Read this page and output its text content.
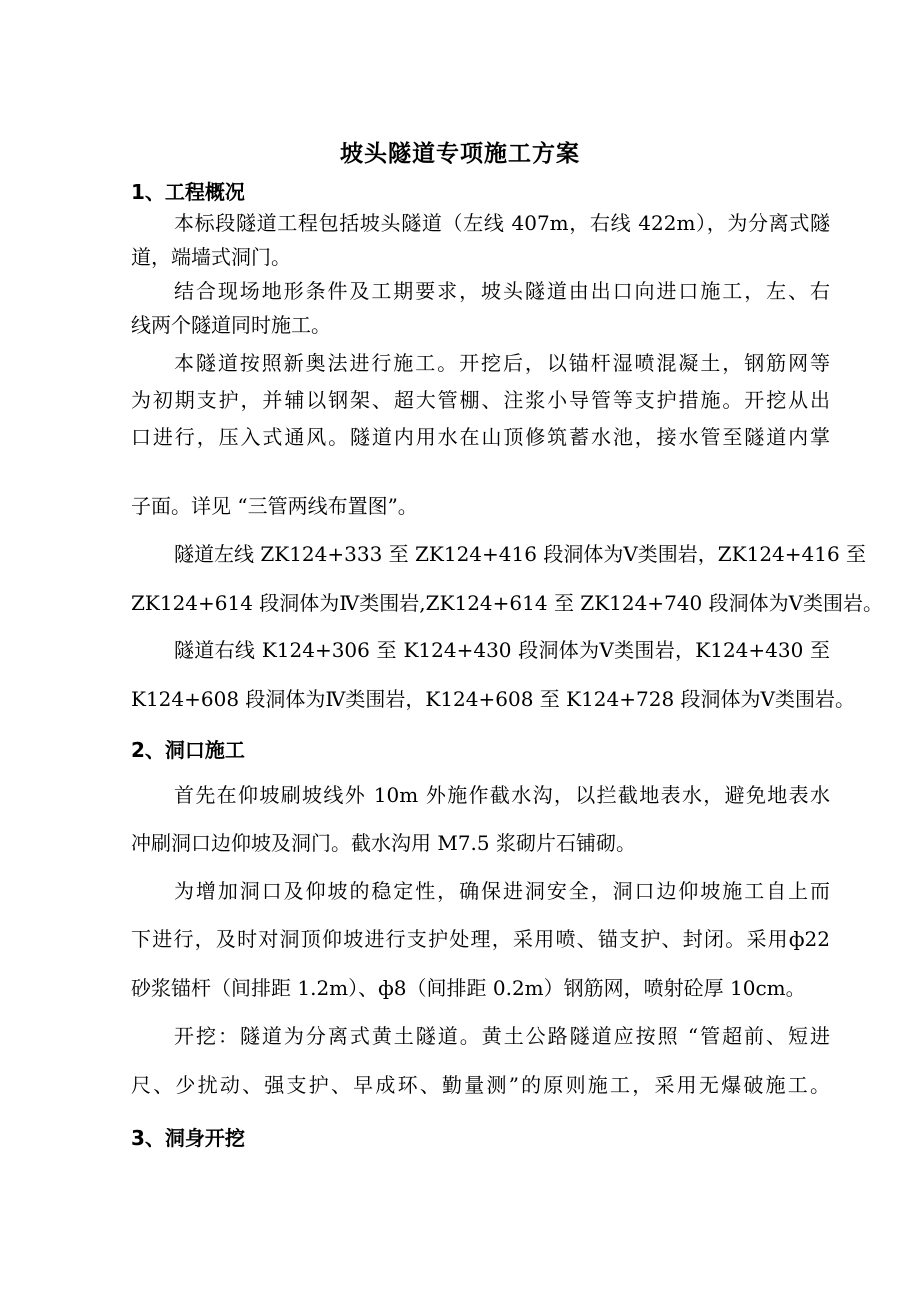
坡头隧道专项施工方案
1、工程概况
本标段隧道工程包括坡头隧道（左线 407m，右线 422m），为分离式隧
道，端墙式洞门。
结合现场地形条件及工期要求，坡头隧道由出口向进口施工，左、右
线两个隧道同时施工。
本隧道按照新奥法进行施工。开挖后，以锚杆湿喷混凝土，钢筋网等
为初期支护，并辅以钢架、超大管棚、注浆小导管等支护措施。开挖从出
口进行，压入式通风。隧道内用水在山顶修筑蓄水池，接水管至隧道内掌
子面。详见 “三管两线布置图”。
隧道左线 ZK124+333 至 ZK124+416 段洞体为Ⅴ类围岩，ZK124+416 至
ZK124+614 段洞体为Ⅳ类围岩,ZK124+614 至 ZK124+740 段洞体为Ⅴ类围岩。
隧道右线 K124+306 至 K124+430 段洞体为Ⅴ类围岩，K124+430 至
K124+608 段洞体为Ⅳ类围岩，K124+608 至 K124+728 段洞体为Ⅴ类围岩。
2、洞口施工
首先在仰坡刷坡线外 10m 外施作截水沟，以拦截地表水，避免地表水
冲刷洞口边仰坡及洞门。截水沟用 M7.5 浆砌片石铺砌。
为增加洞口及仰坡的稳定性，确保进洞安全，洞口边仰坡施工自上而
下进行，及时对洞顶仰坡进行支护处理，采用喷、锚支护、封闭。采用ф22
砂浆锚杆（间排距 1.2m）、ф8（间排距 0.2m）钢筋网，喷射砼厚 10cm。
开挖：隧道为分离式黄土隧道。黄土公路隧道应按照 “管超前、短进
尺、少扰动、强支护、早成环、勤量测”的原则施工，采用无爆破施工。
3、洞身开挖
